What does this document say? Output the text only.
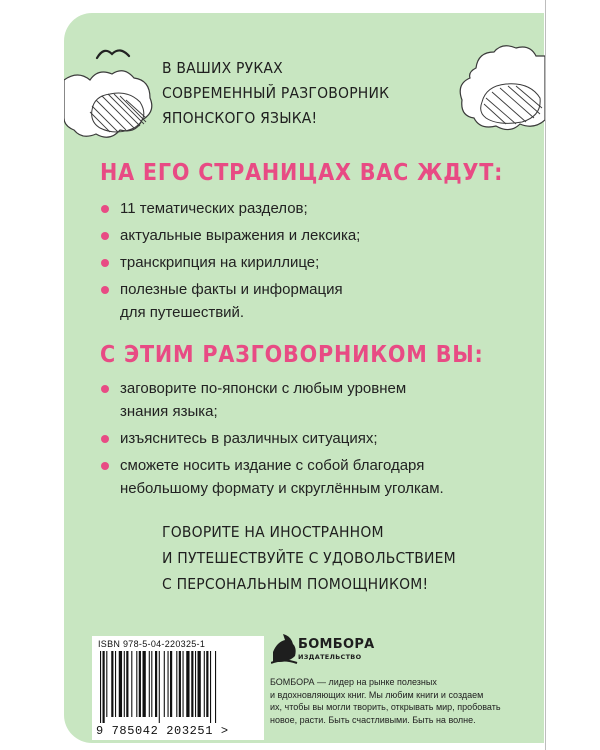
В ВАШИХ РУКАХ
СОВРЕМЕННЫЙ РАЗГОВОРНИК
ЯПОНСКОГО ЯЗЫКА!
НА ЕГО СТРАНИЦАХ ВАС ЖДУТ:
11 тематических разделов;
актуальные выражения и лексика;
транскрипция на кириллице;
полезные факты и информация
для путешествий.
С ЭТИМ РАЗГОВОРНИКОМ ВЫ:
заговорите по-японски с любым уровнем
знания языка;
изъяснитесь в различных ситуациях;
сможете носить издание с собой благодаря
небольшому формату и скруглённым уголкам.
ГОВОРИТЕ НА ИНОСТРАННОМ
И ПУТЕШЕСТВУЙТЕ С УДОВОЛЬСТВИЕМ
С ПЕРСОНАЛЬНЫМ ПОМОЩНИКОМ!
ISBN 978-5-04-220325-1
9 785042 203251 >
БОМБОРА
ИЗДАТЕЛЬСТВО
БОМБОРА — лидер на рынке полезных
и вдохновляющих книг. Мы любим книги и создаем
их, чтобы вы могли творить, открывать мир, пробовать
новое, расти. Быть счастливыми. Быть на волне.
